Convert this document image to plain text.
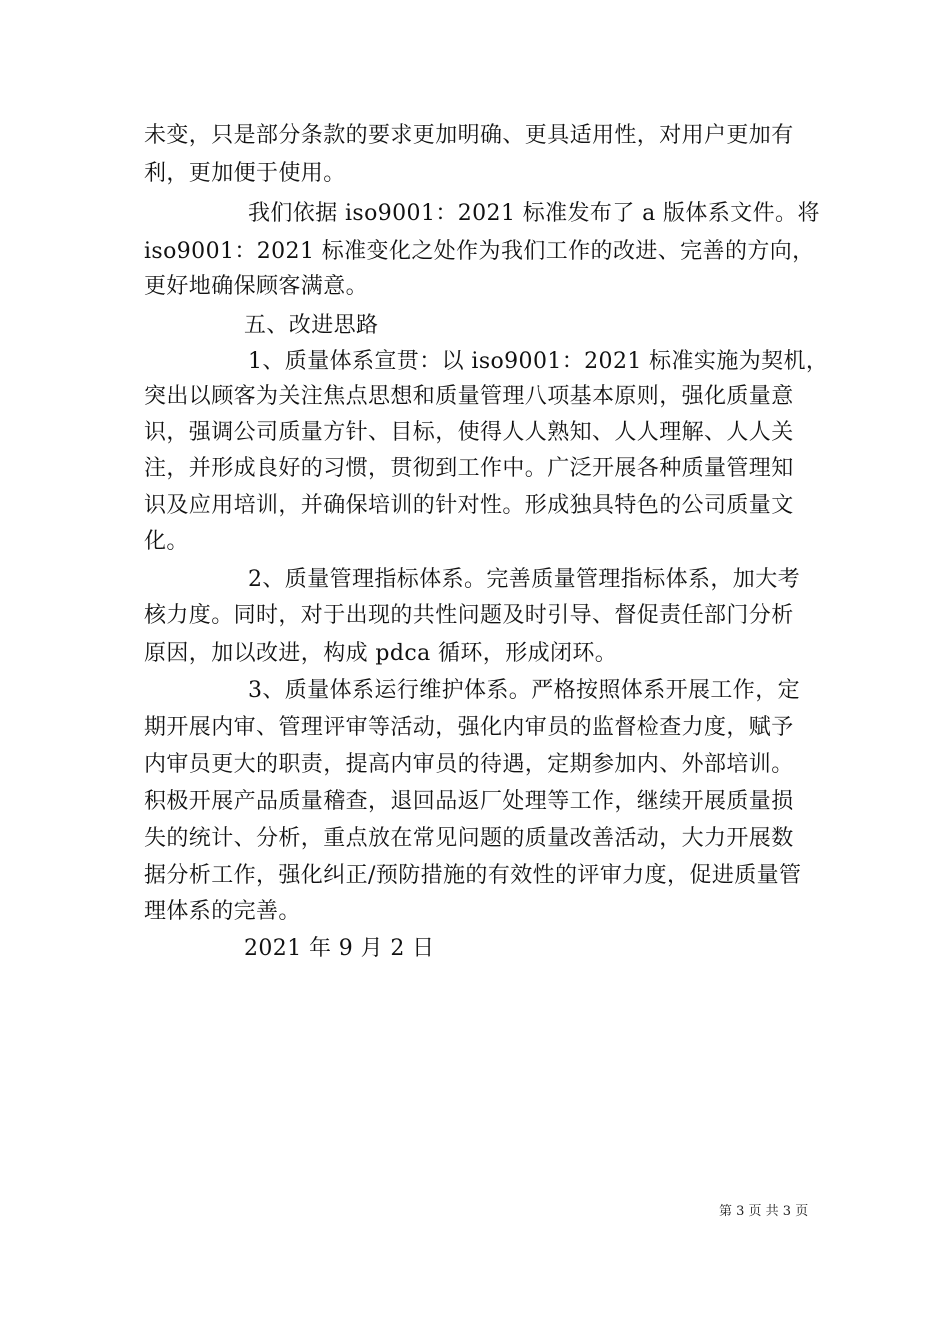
未变，只是部分条款的要求更加明确、更具适用性，对用户更加有
利，更加便于使用。
我们依据 iso9001：2021 标准发布了 a 版体系文件。将
iso9001：2021 标准变化之处作为我们工作的改进、完善的方向，
更好地确保顾客满意。
五、改进思路
1、质量体系宣贯：以 iso9001：2021 标准实施为契机，
突出以顾客为关注焦点思想和质量管理八项基本原则，强化质量意
识，强调公司质量方针、目标，使得人人熟知、人人理解、人人关
注，并形成良好的习惯，贯彻到工作中。广泛开展各种质量管理知
识及应用培训，并确保培训的针对性。形成独具特色的公司质量文
化。
2、质量管理指标体系。完善质量管理指标体系，加大考
核力度。同时，对于出现的共性问题及时引导、督促责任部门分析
原因，加以改进，构成 pdca 循环，形成闭环。
3、质量体系运行维护体系。严格按照体系开展工作，定
期开展内审、管理评审等活动，强化内审员的监督检查力度，赋予
内审员更大的职责，提高内审员的待遇，定期参加内、外部培训。
积极开展产品质量稽查，退回品返厂处理等工作，继续开展质量损
失的统计、分析，重点放在常见问题的质量改善活动，大力开展数
据分析工作，强化纠正/预防措施的有效性的评审力度，促进质量管
理体系的完善。
2021 年 9 月 2 日
第 3 页 共 3 页
